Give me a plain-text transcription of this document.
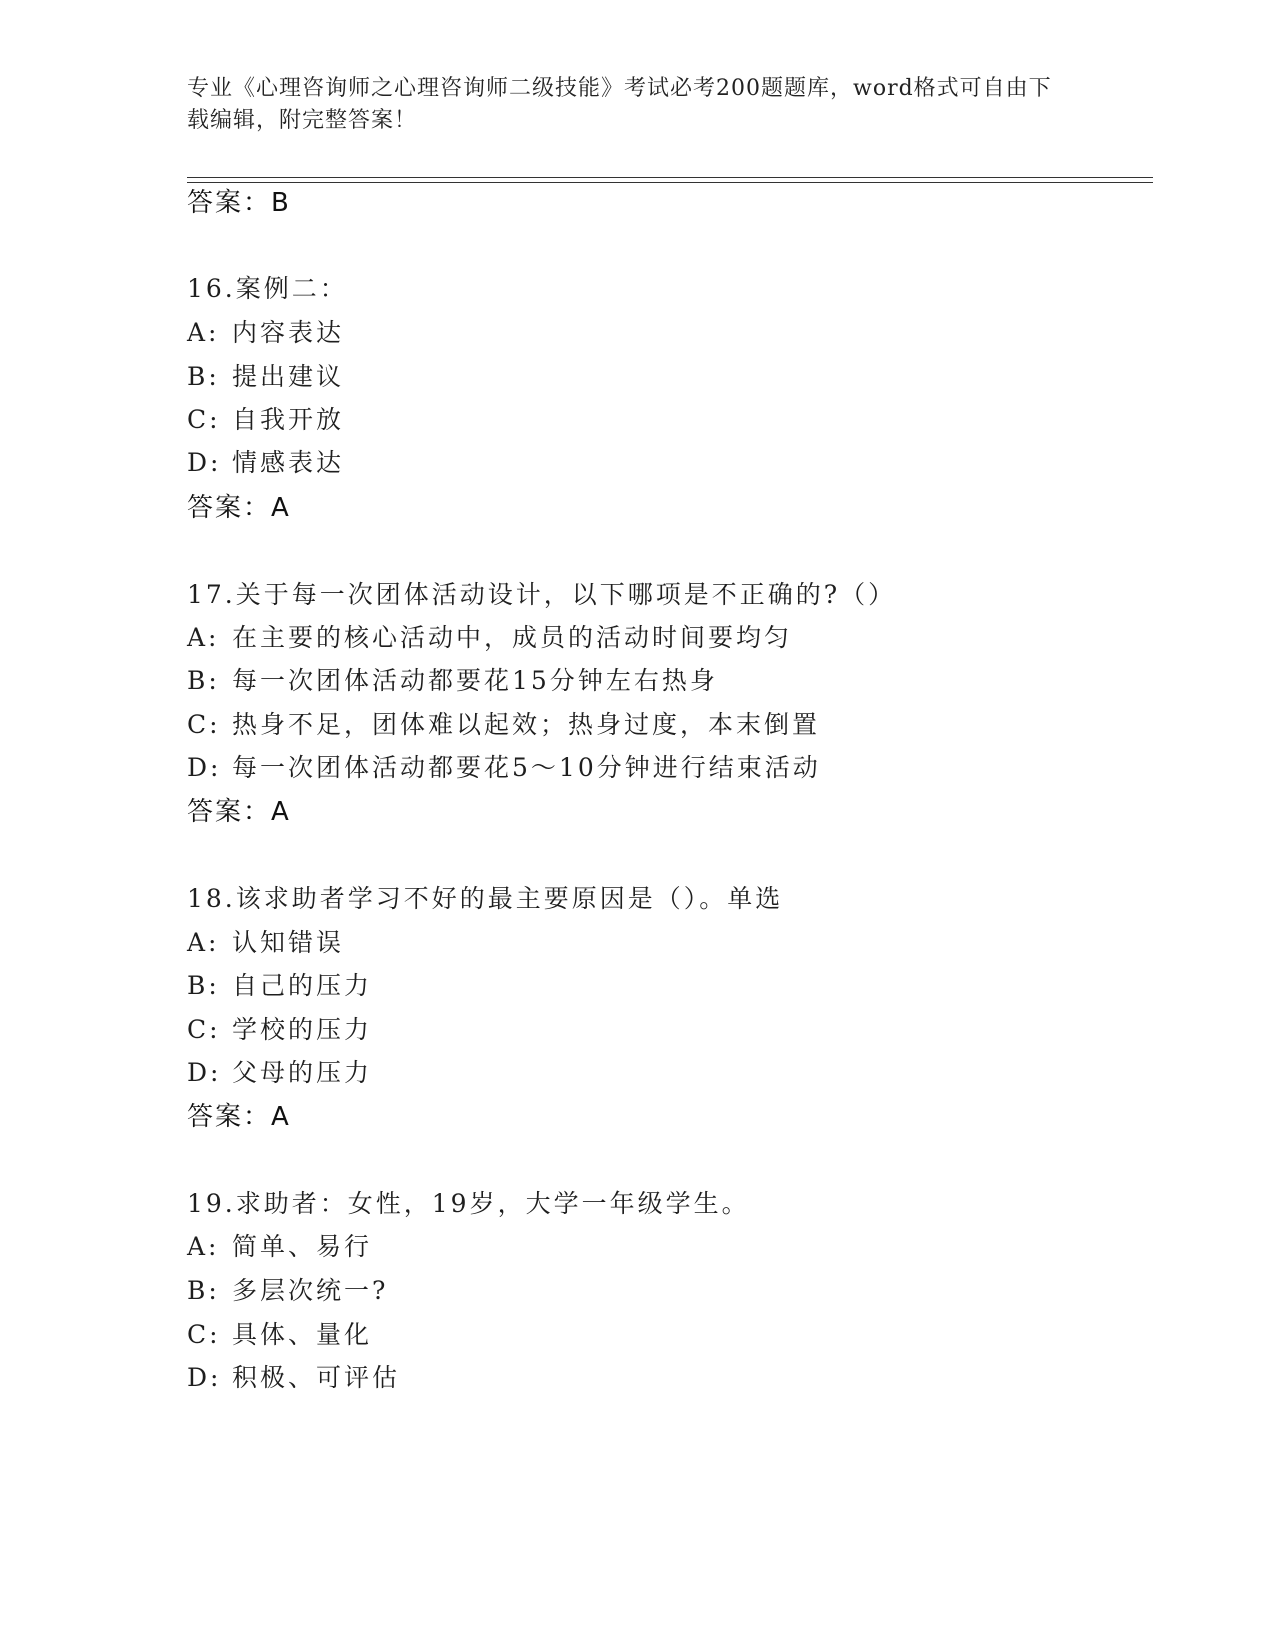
专业《心理咨询师之心理咨询师二级技能》考试必考200题题库，word格式可自由下载编辑，附完整答案！
答案：B
16.案例二：
A: 内容表达
B: 提出建议
C: 自我开放
D: 情感表达
答案：A
17.关于每一次团体活动设计，以下哪项是不正确的?（）
A: 在主要的核心活动中，成员的活动时间要均匀
B: 每一次团体活动都要花15分钟左右热身
C: 热身不足，团体难以起效；热身过度，本末倒置
D: 每一次团体活动都要花5～10分钟进行结束活动
答案：A
18.该求助者学习不好的最主要原因是（）。单选
A: 认知错误
B: 自己的压力
C: 学校的压力
D: 父母的压力
答案：A
19.求助者：女性，19岁，大学一年级学生。
A: 简单、易行
B: 多层次统一?
C: 具体、量化
D: 积极、可评估
